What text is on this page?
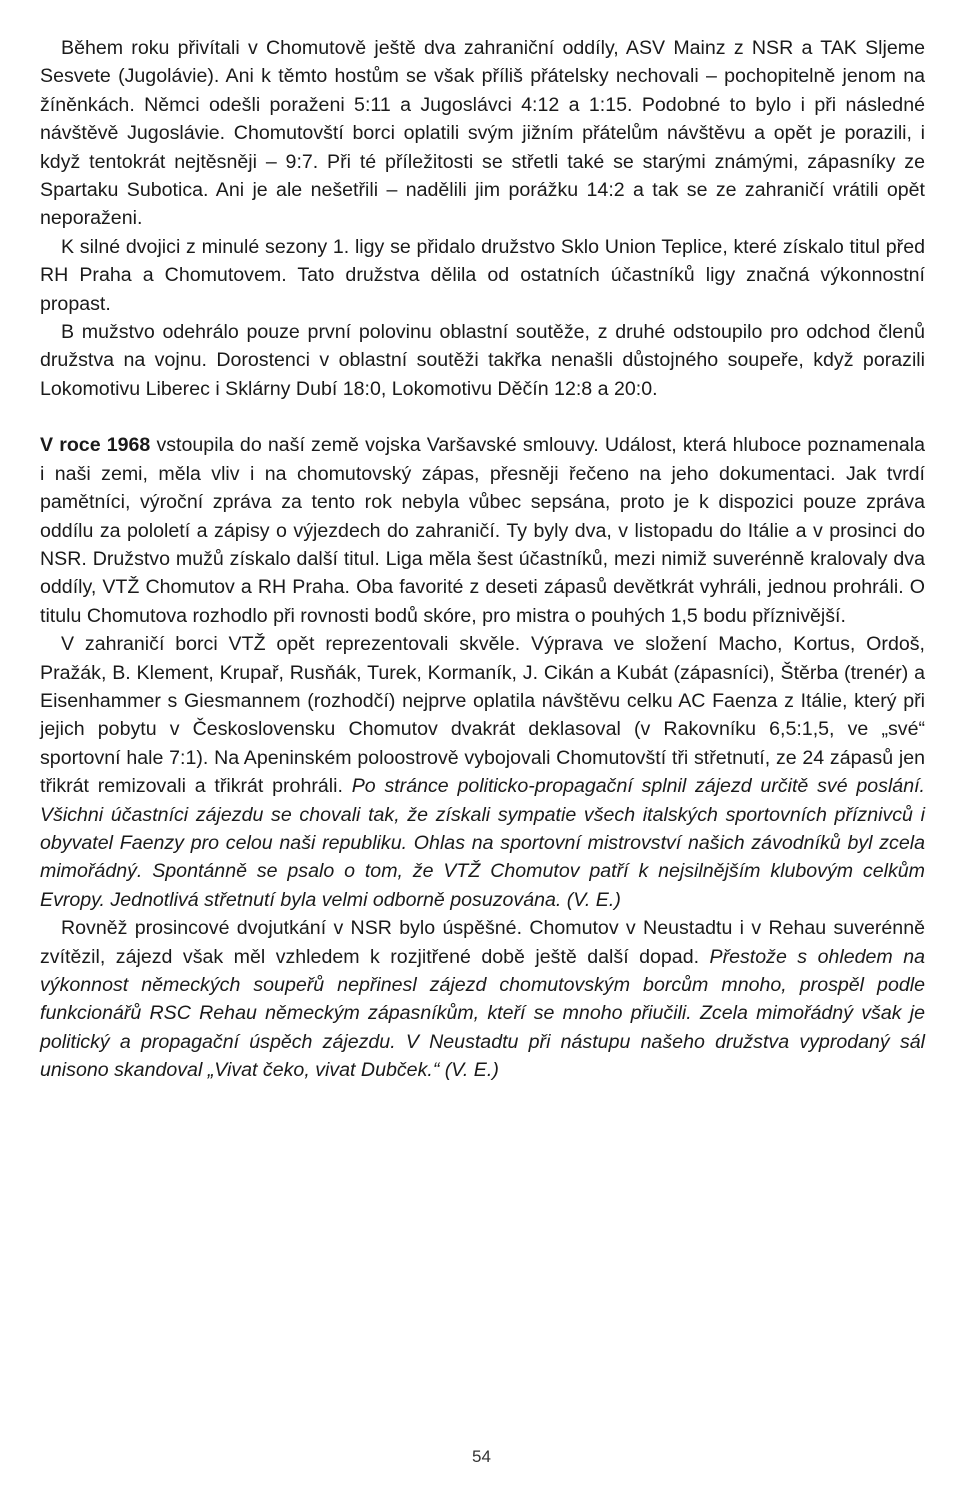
Během roku přivítali v Chomutově ještě dva zahraniční oddíly, ASV Mainz z NSR a TAK Sljeme Sesvete (Jugolávie). Ani k těmto hostům se však příliš přátelsky nechovali – pochopitelně jenom na žíněnkách. Němci odešli poraženi 5:11 a Jugoslávci 4:12 a 1:15. Podobné to bylo i při následné návštěvě Jugoslávie. Chomutovští borci oplatili svým jižním přátelům návštěvu a opět je porazili, i když tentokrát nejtěsněji – 9:7. Při té příležitosti se střetli také se starými známými, zápasníky ze Spartaku Subotica. Ani je ale nešetřili – nadělili jim porážku 14:2 a tak se ze zahraničí vrátili opět neporaženi.

K silné dvojici z minulé sezony 1. ligy se přidalo družstvo Sklo Union Teplice, které získalo titul před RH Praha a Chomutovem. Tato družstva dělila od ostatních účastníků ligy značná výkonnostní propast.

B mužstvo odehrálo pouze první polovinu oblastní soutěže, z druhé odstoupilo pro odchod členů družstva na vojnu. Dorostenci v oblastní soutěži takřka nenašli důstojného soupeře, když porazili Lokomotivu Liberec i Sklárny Dubí 18:0, Lokomotivu Děčín 12:8 a 20:0.

V roce 1968 vstoupila do naší země vojska Varšavské smlouvy. Událost, která hluboce poznamenala i naši zemi, měla vliv i na chomutovský zápas, přesněji řečeno na jeho dokumentaci. Jak tvrdí pamětníci, výroční zpráva za tento rok nebyla vůbec sepsána, proto je k dispozici pouze zpráva oddílu za pololetí a zápisy o výjezdech do zahraničí. Ty byly dva, v listopadu do Itálie a v prosinci do NSR. Družstvo mužů získalo další titul. Liga měla šest účastníků, mezi nimiž suverénně kralovaly dva oddíly, VTŽ Chomutov a RH Praha. Oba favorité z deseti zápasů devětkrát vyhráli, jednou prohráli. O titulu Chomutova rozhodlo při rovnosti bodů skóre, pro mistra o pouhých 1,5 bodu příznivější.

V zahraničí borci VTŽ opět reprezentovali skvěle. Výprava ve složení Macho, Kortus, Ordoš, Pražák, B. Klement, Krupař, Rusňák, Turek, Kormaník, J. Cikán a Kubát (zápasníci), Štěrba (trenér) a Eisenhammer s Giesmannem (rozhodčí) nejprve oplatila návštěvu celku AC Faenza z Itálie, který při jejich pobytu v Československu Chomutov dvakrát deklasoval (v Rakovníku 6,5:1,5, ve „své“ sportovní hale 7:1). Na Apeninském poloostrově vybojovali Chomutovští tři střetnutí, ze 24 zápasů jen třikrát remizovali a třikrát prohráli. Po stránce politicko-propagační splnil zájezd určitě své poslání. Všichni účastníci zájezdu se chovali tak, že získali sympatie všech italských sportovních příznivců i obyvatel Faenzy pro celou naši republiku. Ohlas na sportovní mistrovství našich závodníků byl zcela mimořádný. Spontánně se psalo o tom, že VTŽ Chomutov patří k nejsilnějším klubovým celkům Evropy. Jednotlivá střetnutí byla velmi odborně posuzována. (V. E.)

Rovněž prosincové dvojutkání v NSR bylo úspěšné. Chomutov v Neustadtu i v Rehau suverénně zvítězil, zájezd však měl vzhledem k rozjitřené době ještě další dopad. Přestože s ohledem na výkonnost německých soupeřů nepřinesl zájezd chomutovským borcům mnoho, prospěl podle funkcionářů RSC Rehau německým zápasníkům, kteří se mnoho přiučili. Zcela mimořádný však je politický a propagační úspěch zájezdu. V Neustadtu při nástupu našeho družstva vyprodaný sál unisono skandoval „Vivat čeko, vivat Dubček.“ (V. E.)

54
